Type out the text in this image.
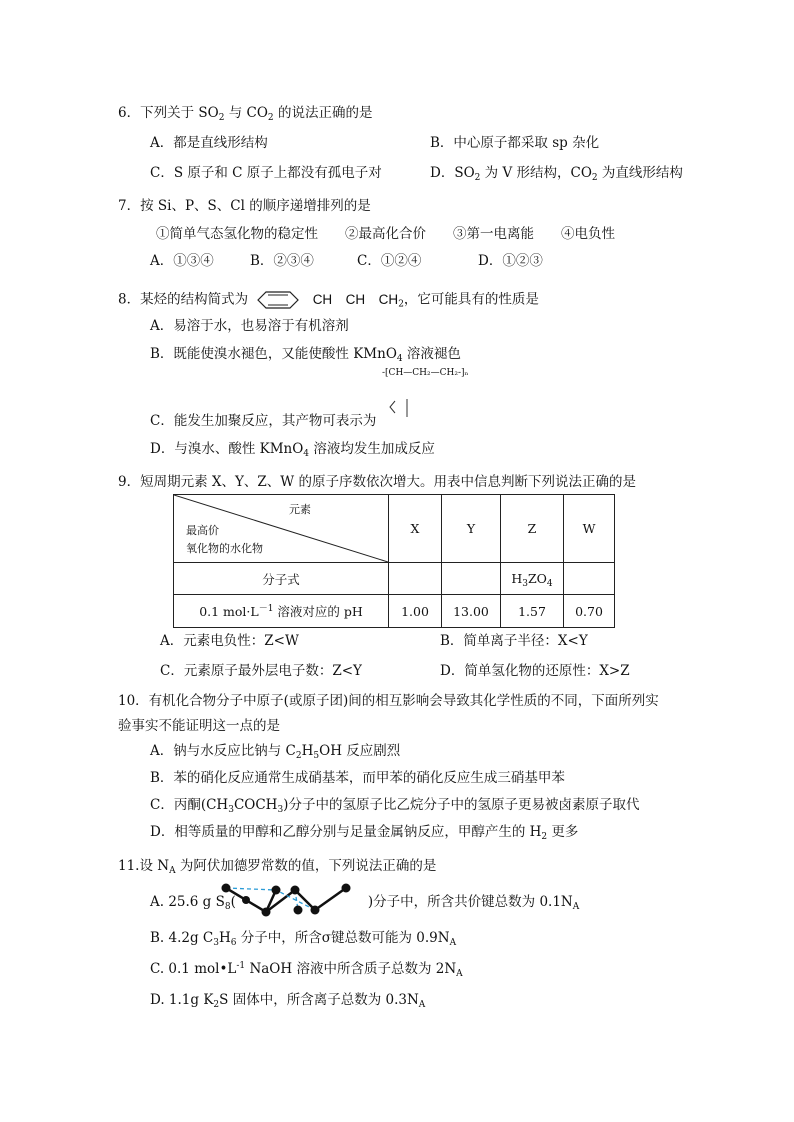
6．下列关于 $SO_2$ 与 $CO_2$ 的说法正确的是
A．都是直线形结构	B．中心原子都采取 sp 杂化
C．S 原子和 C 原子上都没有孤电子对	D．$SO_2$ 为 V 形结构，$CO_2$ 为直线形结构
7．按 Si、P、S、Cl 的顺序递增排列的是
①简单气态氢化物的稳定性　　②最高化合价　　③第一电离能　　④电负性
A．①③④	B．②③④	C．①②④	D．①②③
8．某烃的结构简式为	CH　CH　$CH_2$，它可能具有的性质是
A．易溶于水，也易溶于有机溶剂
B．既能使溴水褪色，又能使酸性 KMnO$_4$ 溶液褪色
-[CH—CH₂—CH₂-]ₙ
C．能发生加聚反应，其产物可表示为
D．与溴水、酸性 KMnO$_4$ 溶液均发生加成反应
9．短周期元素 X、Y、Z、W 的原子序数依次增大。用表中信息判断下列说法正确的是
元素
最高价
氧化物的水化物	X	Y	Z	W
分子式			$H_3ZO_4$	
0.1 $mol\cdot L^{-1}$ 溶液对应的 pH	1.00	13.00	1.57	0.70
A．元素电负性：Z<W	B．简单离子半径：X<Y
C．元素原子最外层电子数：Z<Y	D．简单氢化物的还原性：X>Z
10．有机化合物分子中原子(或原子团)间的相互影响会导致其化学性质的不同，下面所列实
验事实不能证明这一点的是
A．钠与水反应比钠与 $C_2H_5OH$ 反应剧烈
B．苯的硝化反应通常生成硝基苯，而甲苯的硝化反应生成三硝基甲苯
C．丙酮$(CH_3COCH_3)$分子中的氢原子比乙烷分子中的氢原子更易被卤素原子取代
D．相等质量的甲醇和乙醇分别与足量金属钠反应，甲醇产生的 $H_2$ 更多
11.设 $N_A$ 为阿伏加德罗常数的值，下列说法正确的是
A. 25.6 g $S_8$(	)分子中，所含共价键总数为 $0.1N_A$
B. 4.2g $C_3H_6$ 分子中，所含σ键总数可能为 $0.9N_A$
C. 0.1 $mol•L^{-1}$ NaOH 溶液中所含质子总数为 $2N_A$
D. 1.1g $K_2S$ 固体中，所含离子总数为 $0.3N_A$
